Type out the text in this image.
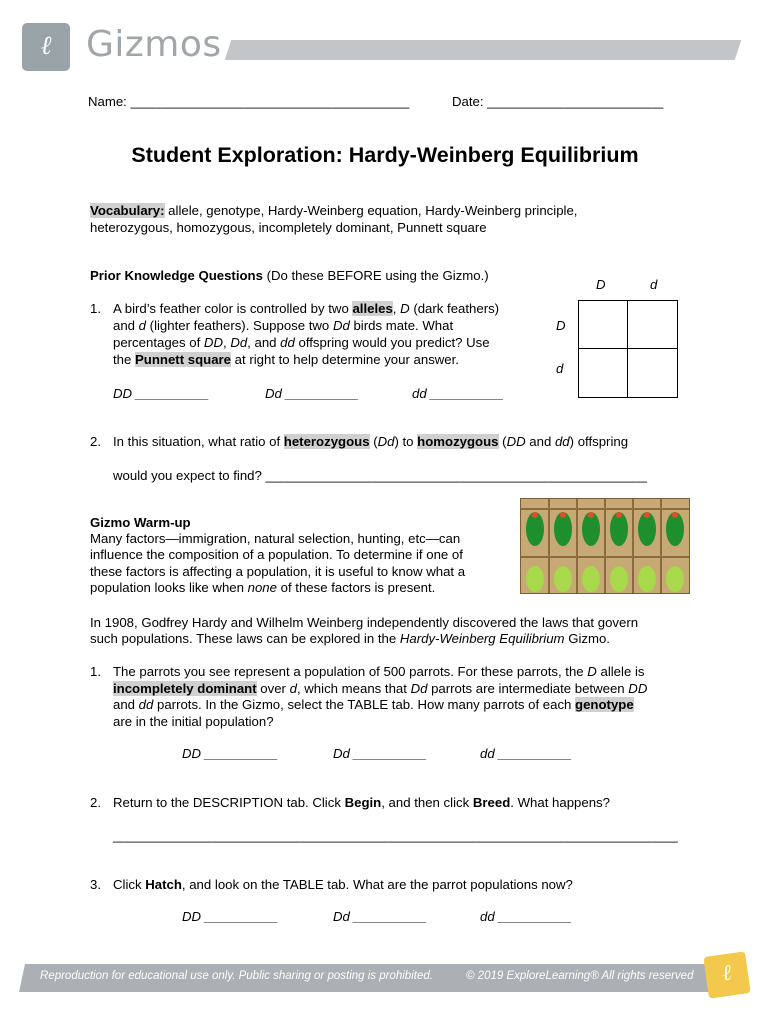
ℓ Gizmos
Name: ______________________________________	Date: ________________________
Student Exploration: Hardy-Weinberg Equilibrium
Vocabulary: allele, genotype, Hardy-Weinberg equation, Hardy-Weinberg principle,
heterozygous, homozygous, incompletely dominant, Punnett square
Prior Knowledge Questions (Do these BEFORE using the Gizmo.)
D	d
D
d
1. A bird’s feather color is controlled by two alleles, D (dark feathers)
and d (lighter feathers). Suppose two Dd birds mate. What
percentages of DD, Dd, and dd offspring would you predict? Use
the Punnett square at right to help determine your answer.
DD __________	Dd __________	dd __________
2. In this situation, what ratio of heterozygous (Dd) to homozygous (DD and dd) offspring
would you expect to find? ____________________________________________________
Gizmo Warm-up
Many factors—immigration, natural selection, hunting, etc—can
influence the composition of a population. To determine if one of
these factors is affecting a population, it is useful to know what a
population looks like when none of these factors is present.
In 1908, Godfrey Hardy and Wilhelm Weinberg independently discovered the laws that govern
such populations. These laws can be explored in the Hardy-Weinberg Equilibrium Gizmo.
1. The parrots you see represent a population of 500 parrots. For these parrots, the D allele is
incompletely dominant over d, which means that Dd parrots are intermediate between DD
and dd parrots. In the Gizmo, select the TABLE tab. How many parrots of each genotype
are in the initial population?
DD __________	Dd __________	dd __________
2. Return to the DESCRIPTION tab. Click Begin, and then click Breed. What happens?
_____________________________________________________________________________
3. Click Hatch, and look on the TABLE tab. What are the parrot populations now?
DD __________	Dd __________	dd __________
Reproduction for educational use only. Public sharing or posting is prohibited.	© 2019 ExploreLearning® All rights reserved	ℓ
